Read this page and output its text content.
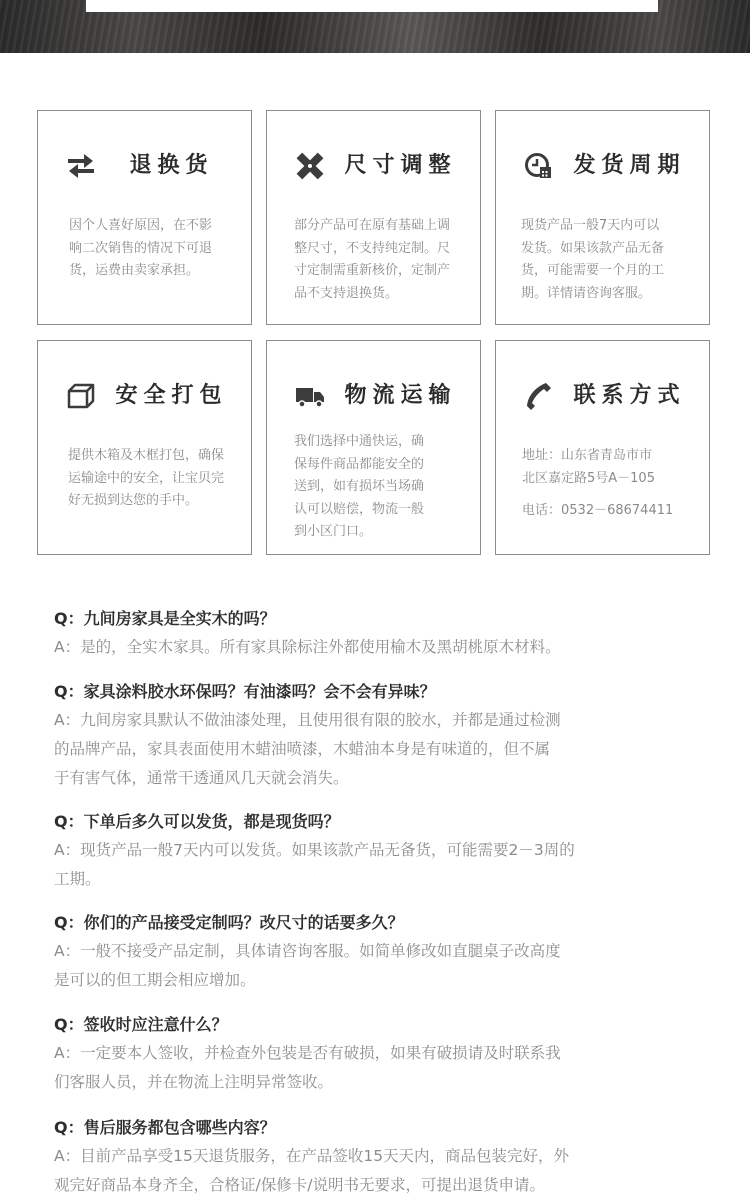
退换货
因个人喜好原因，在不影
响二次销售的情况下可退
货，运费由卖家承担。
尺寸调整
部分产品可在原有基础上调
整尺寸，不支持纯定制。尺
寸定制需重新核价，定制产
品不支持退换货。
发货周期
现货产品一般7天内可以
发货。如果该款产品无备
货，可能需要一个月的工
期。详情请咨询客服。
安全打包
提供木箱及木框打包，确保
运输途中的安全，让宝贝完
好无损到达您的手中。
物流运输
我们选择中通快运，确
保每件商品都能安全的
送到，如有损坏当场确
认可以赔偿，物流一般
到小区门口。
联系方式
地址：山东省青岛市市
北区嘉定路5号A－105
电话：0532－68674411
Q：九间房家具是全实木的吗？
A：是的，全实木家具。所有家具除标注外都使用榆木及黑胡桃原木材料。
Q：家具涂料胶水环保吗？有油漆吗？会不会有异味？
A：九间房家具默认不做油漆处理，且使用很有限的胶水，并都是通过检测
的品牌产品，家具表面使用木蜡油喷漆，木蜡油本身是有味道的，但不属
于有害气体，通常干透通风几天就会消失。
Q：下单后多久可以发货，都是现货吗？
A：现货产品一般7天内可以发货。如果该款产品无备货，可能需要2－3周的
工期。
Q：你们的产品接受定制吗？改尺寸的话要多久？
A：一般不接受产品定制，具体请咨询客服。如简单修改如直腿桌子改高度
是可以的但工期会相应增加。
Q：签收时应注意什么？
A：一定要本人签收，并检查外包装是否有破损，如果有破损请及时联系我
们客服人员，并在物流上注明异常签收。
Q：售后服务都包含哪些内容？
A：目前产品享受15天退货服务，在产品签收15天天内，商品包装完好，外
观完好商品本身齐全，合格证/保修卡/说明书无要求，可提出退货申请。
